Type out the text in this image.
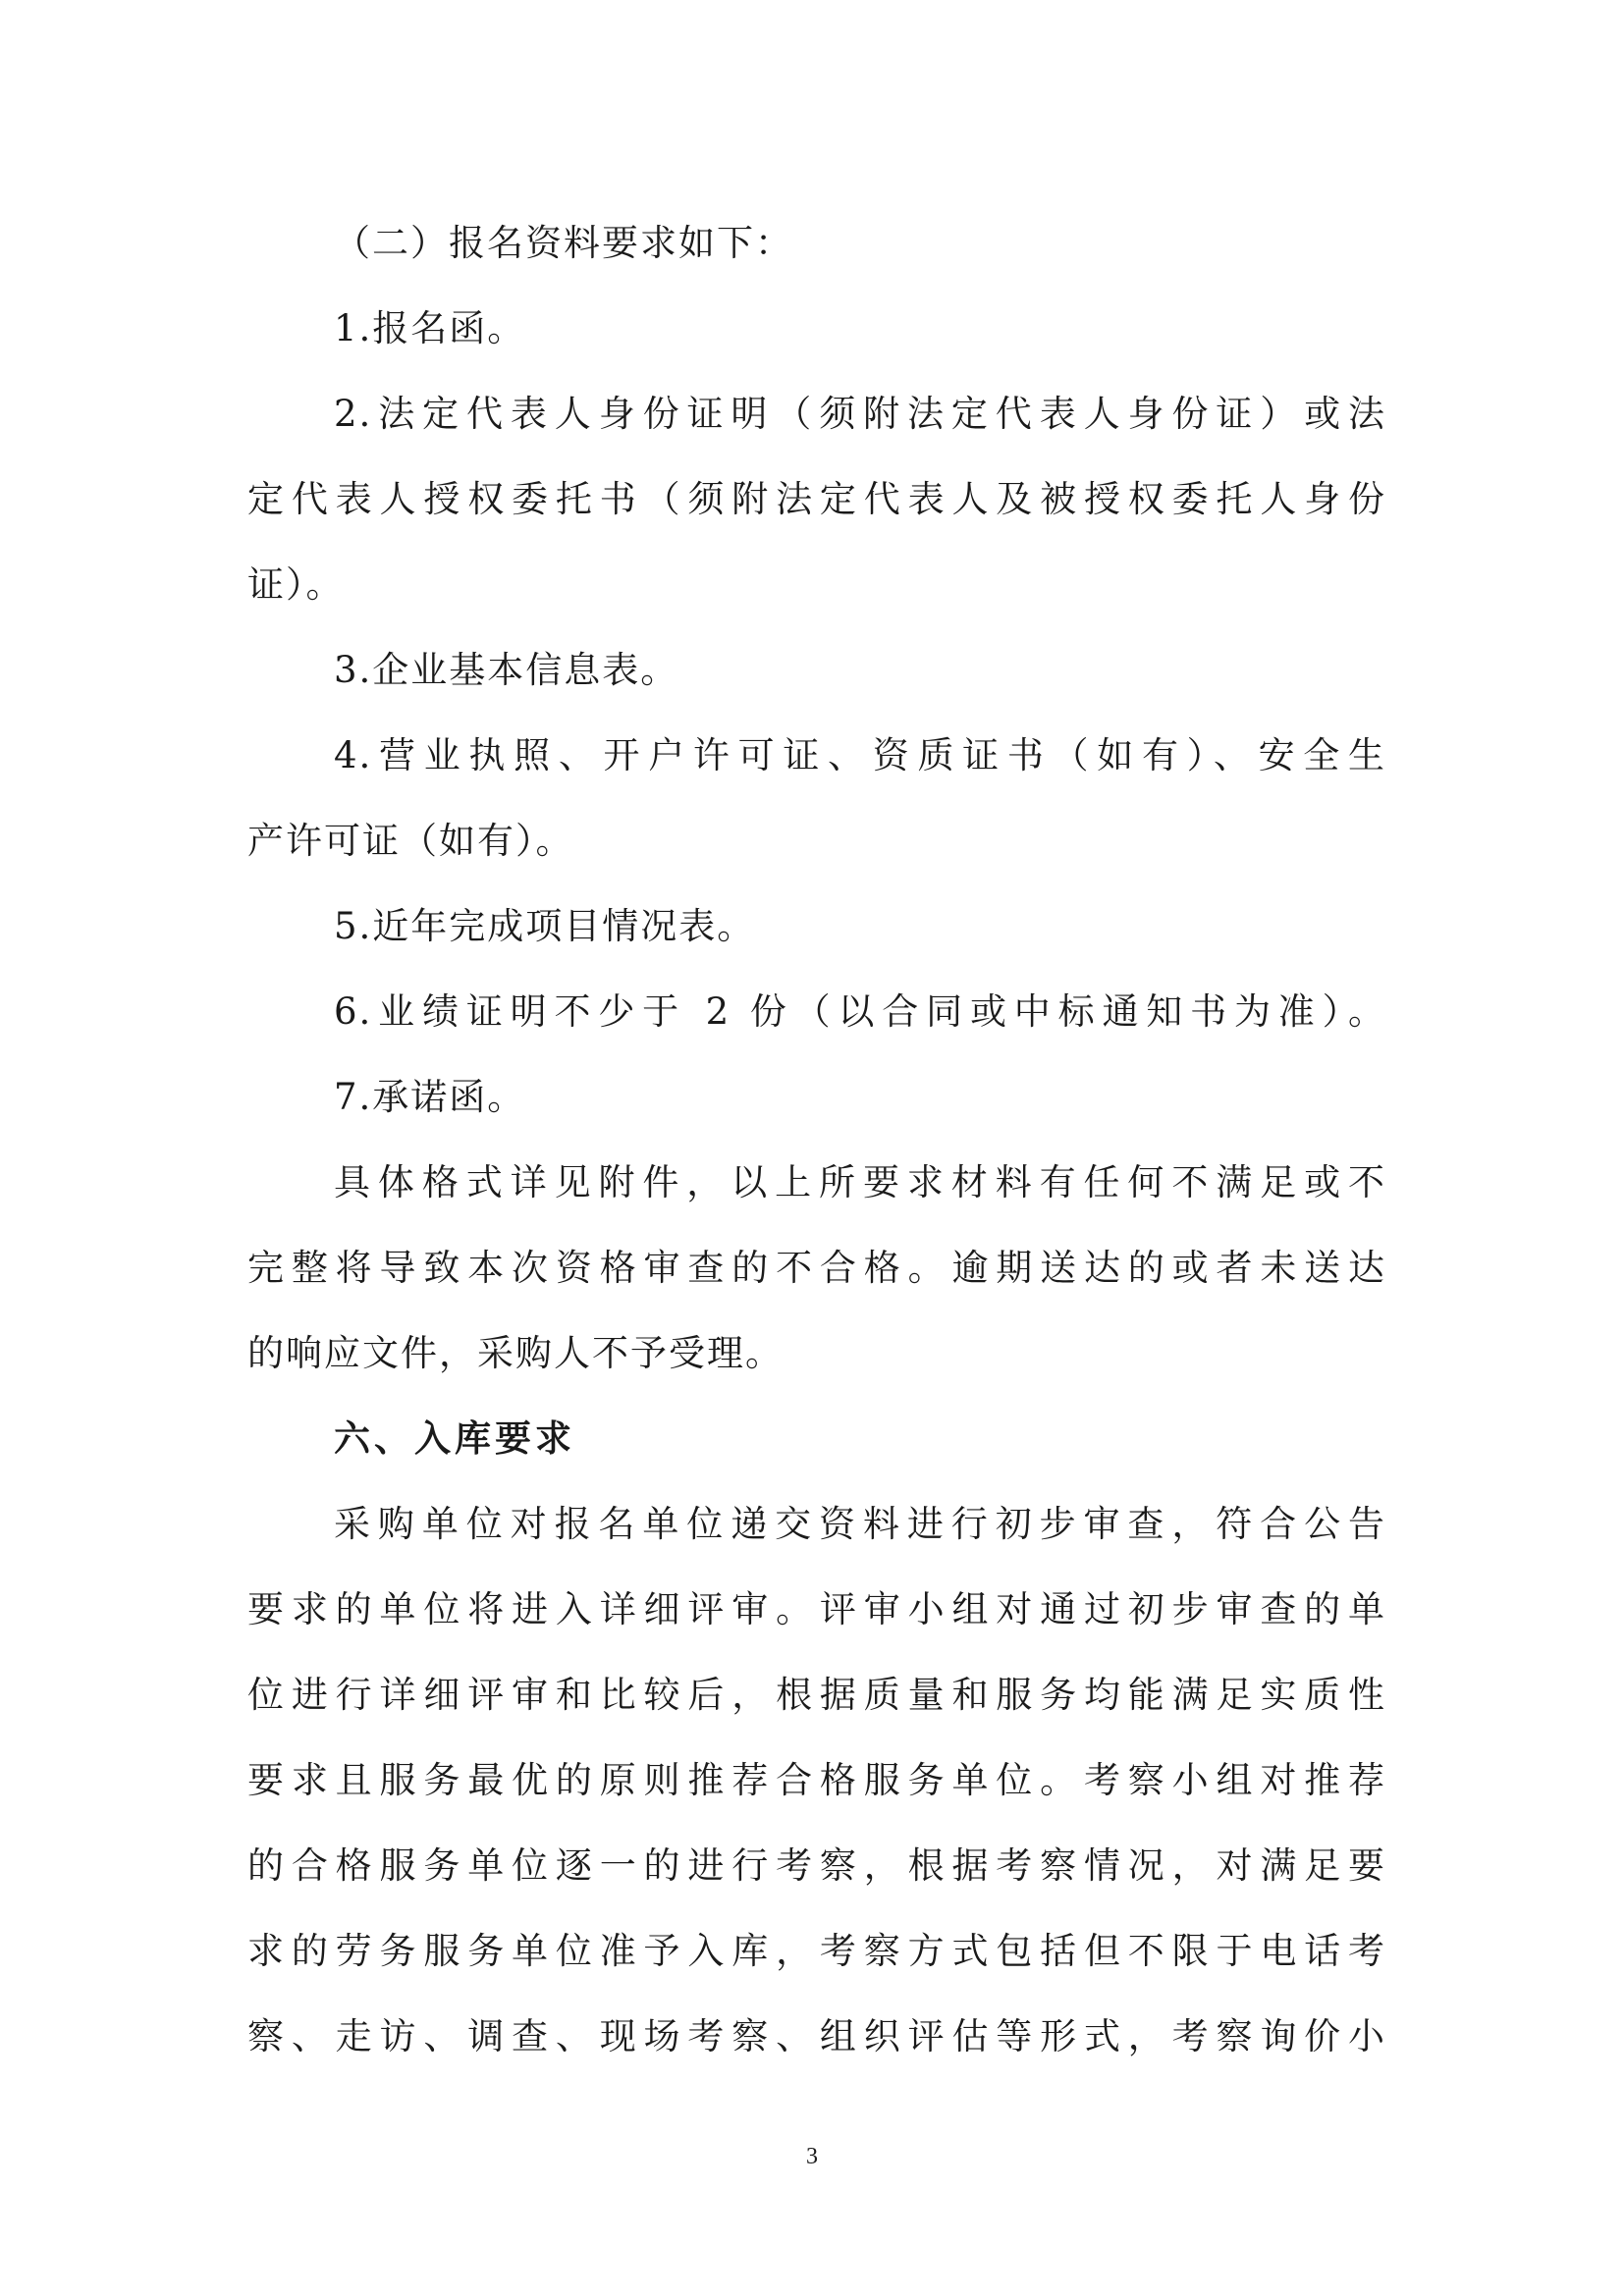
（二）报名资料要求如下：
1.报名函。
2.法定代表人身份证明（须附法定代表人身份证）或法
定代表人授权委托书（须附法定代表人及被授权委托人身份
证）。
3.企业基本信息表。
4.营业执照、开户许可证、资质证书（如有）、安全生
产许可证（如有）。
5.近年完成项目情况表。
6.业绩证明不少于 2 份（以合同或中标通知书为准）。
7.承诺函。
具体格式详见附件，以上所要求材料有任何不满足或不
完整将导致本次资格审查的不合格。逾期送达的或者未送达
的响应文件，采购人不予受理。
六、入库要求
采购单位对报名单位递交资料进行初步审查，符合公告
要求的单位将进入详细评审。评审小组对通过初步审查的单
位进行详细评审和比较后，根据质量和服务均能满足实质性
要求且服务最优的原则推荐合格服务单位。考察小组对推荐
的合格服务单位逐一的进行考察，根据考察情况，对满足要
求的劳务服务单位准予入库，考察方式包括但不限于电话考
察、走访、调查、现场考察、组织评估等形式，考察询价小
3
